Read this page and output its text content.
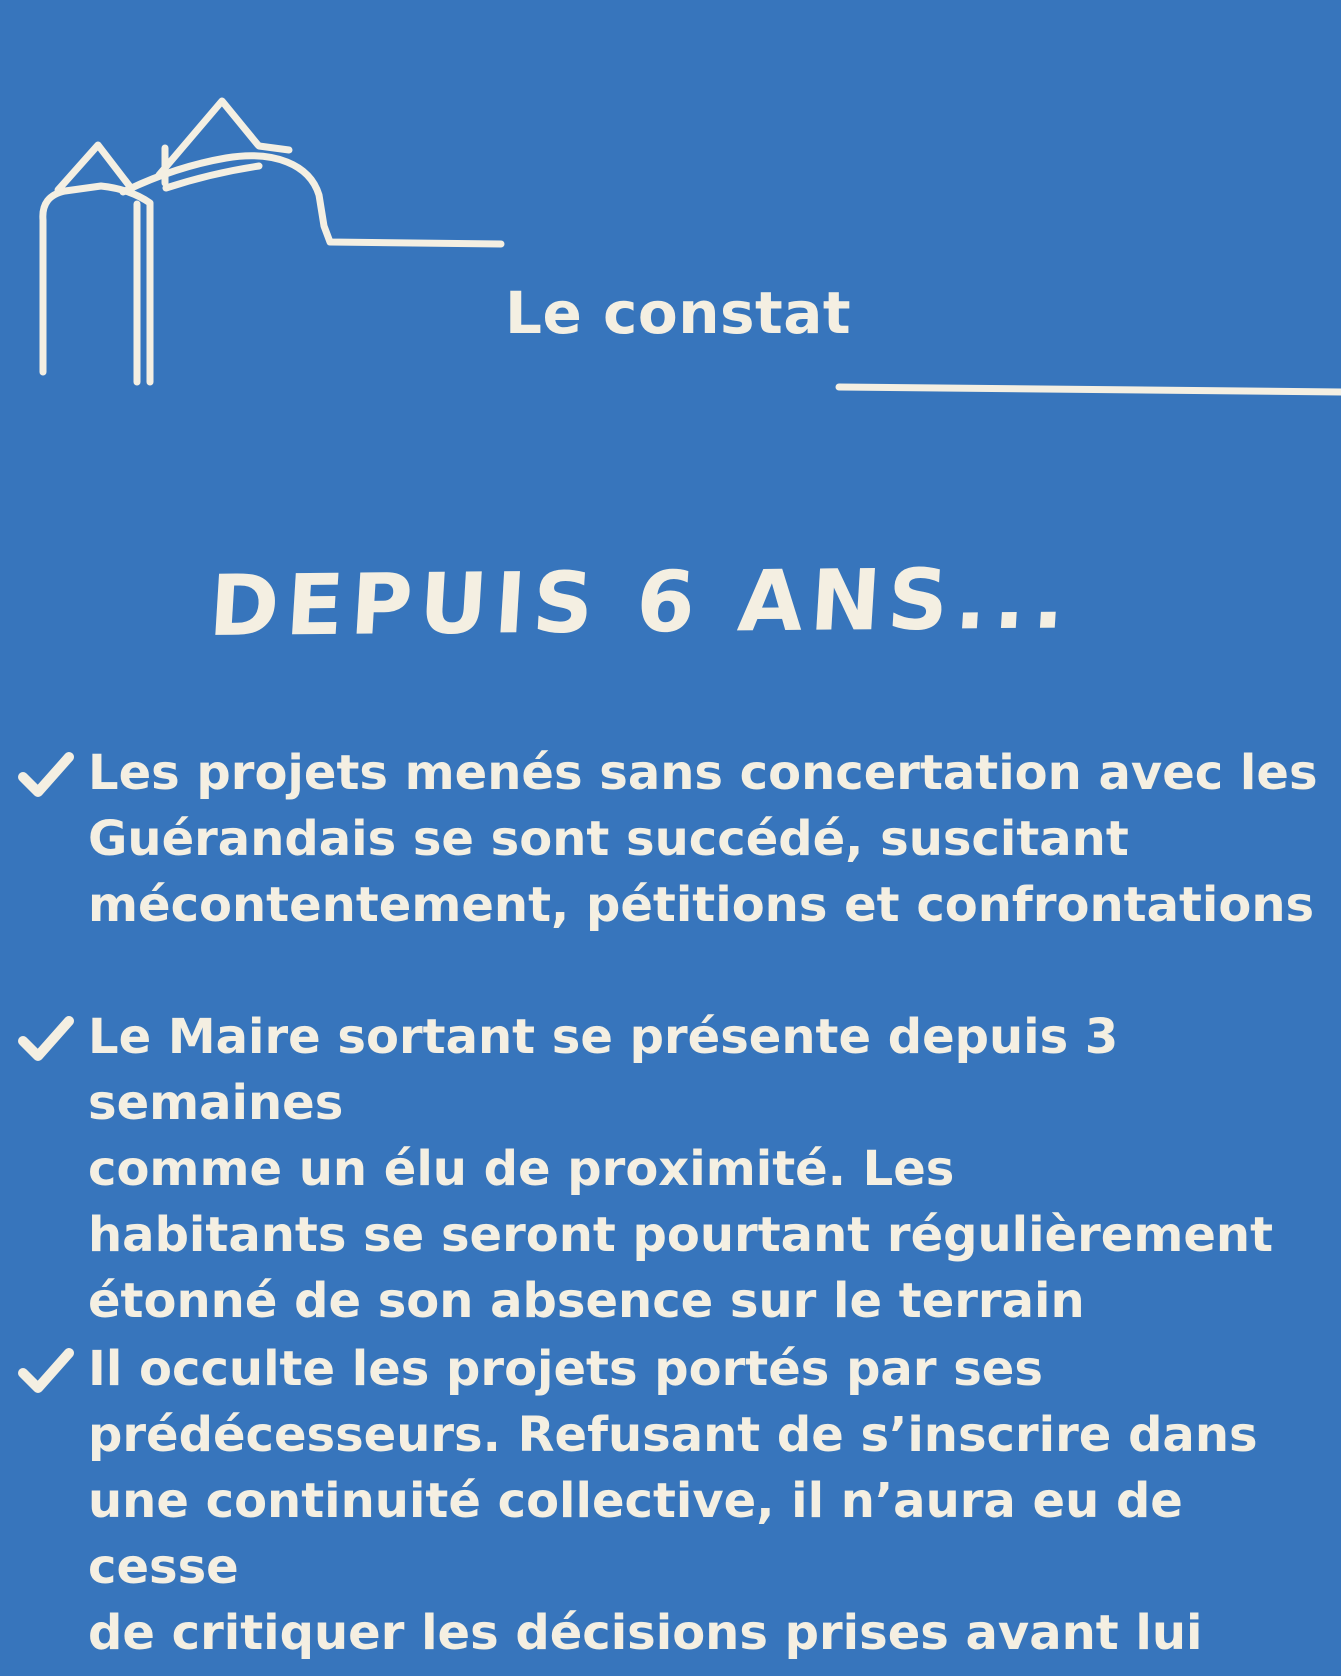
Le constat
DEPUIS 6 ANS...
Les projets menés sans concertation avec les
Guérandais se sont succédé, suscitant
mécontentement, pétitions et confrontations
Le Maire sortant se présente depuis 3 semaines
comme un élu de proximité. Les
habitants se seront pourtant régulièrement
étonné de son absence sur le terrain
Il occulte les projets portés par ses
prédécesseurs. Refusant de s’inscrire dans
une continuité collective, il n’aura eu de cesse
de critiquer les décisions prises avant lui
